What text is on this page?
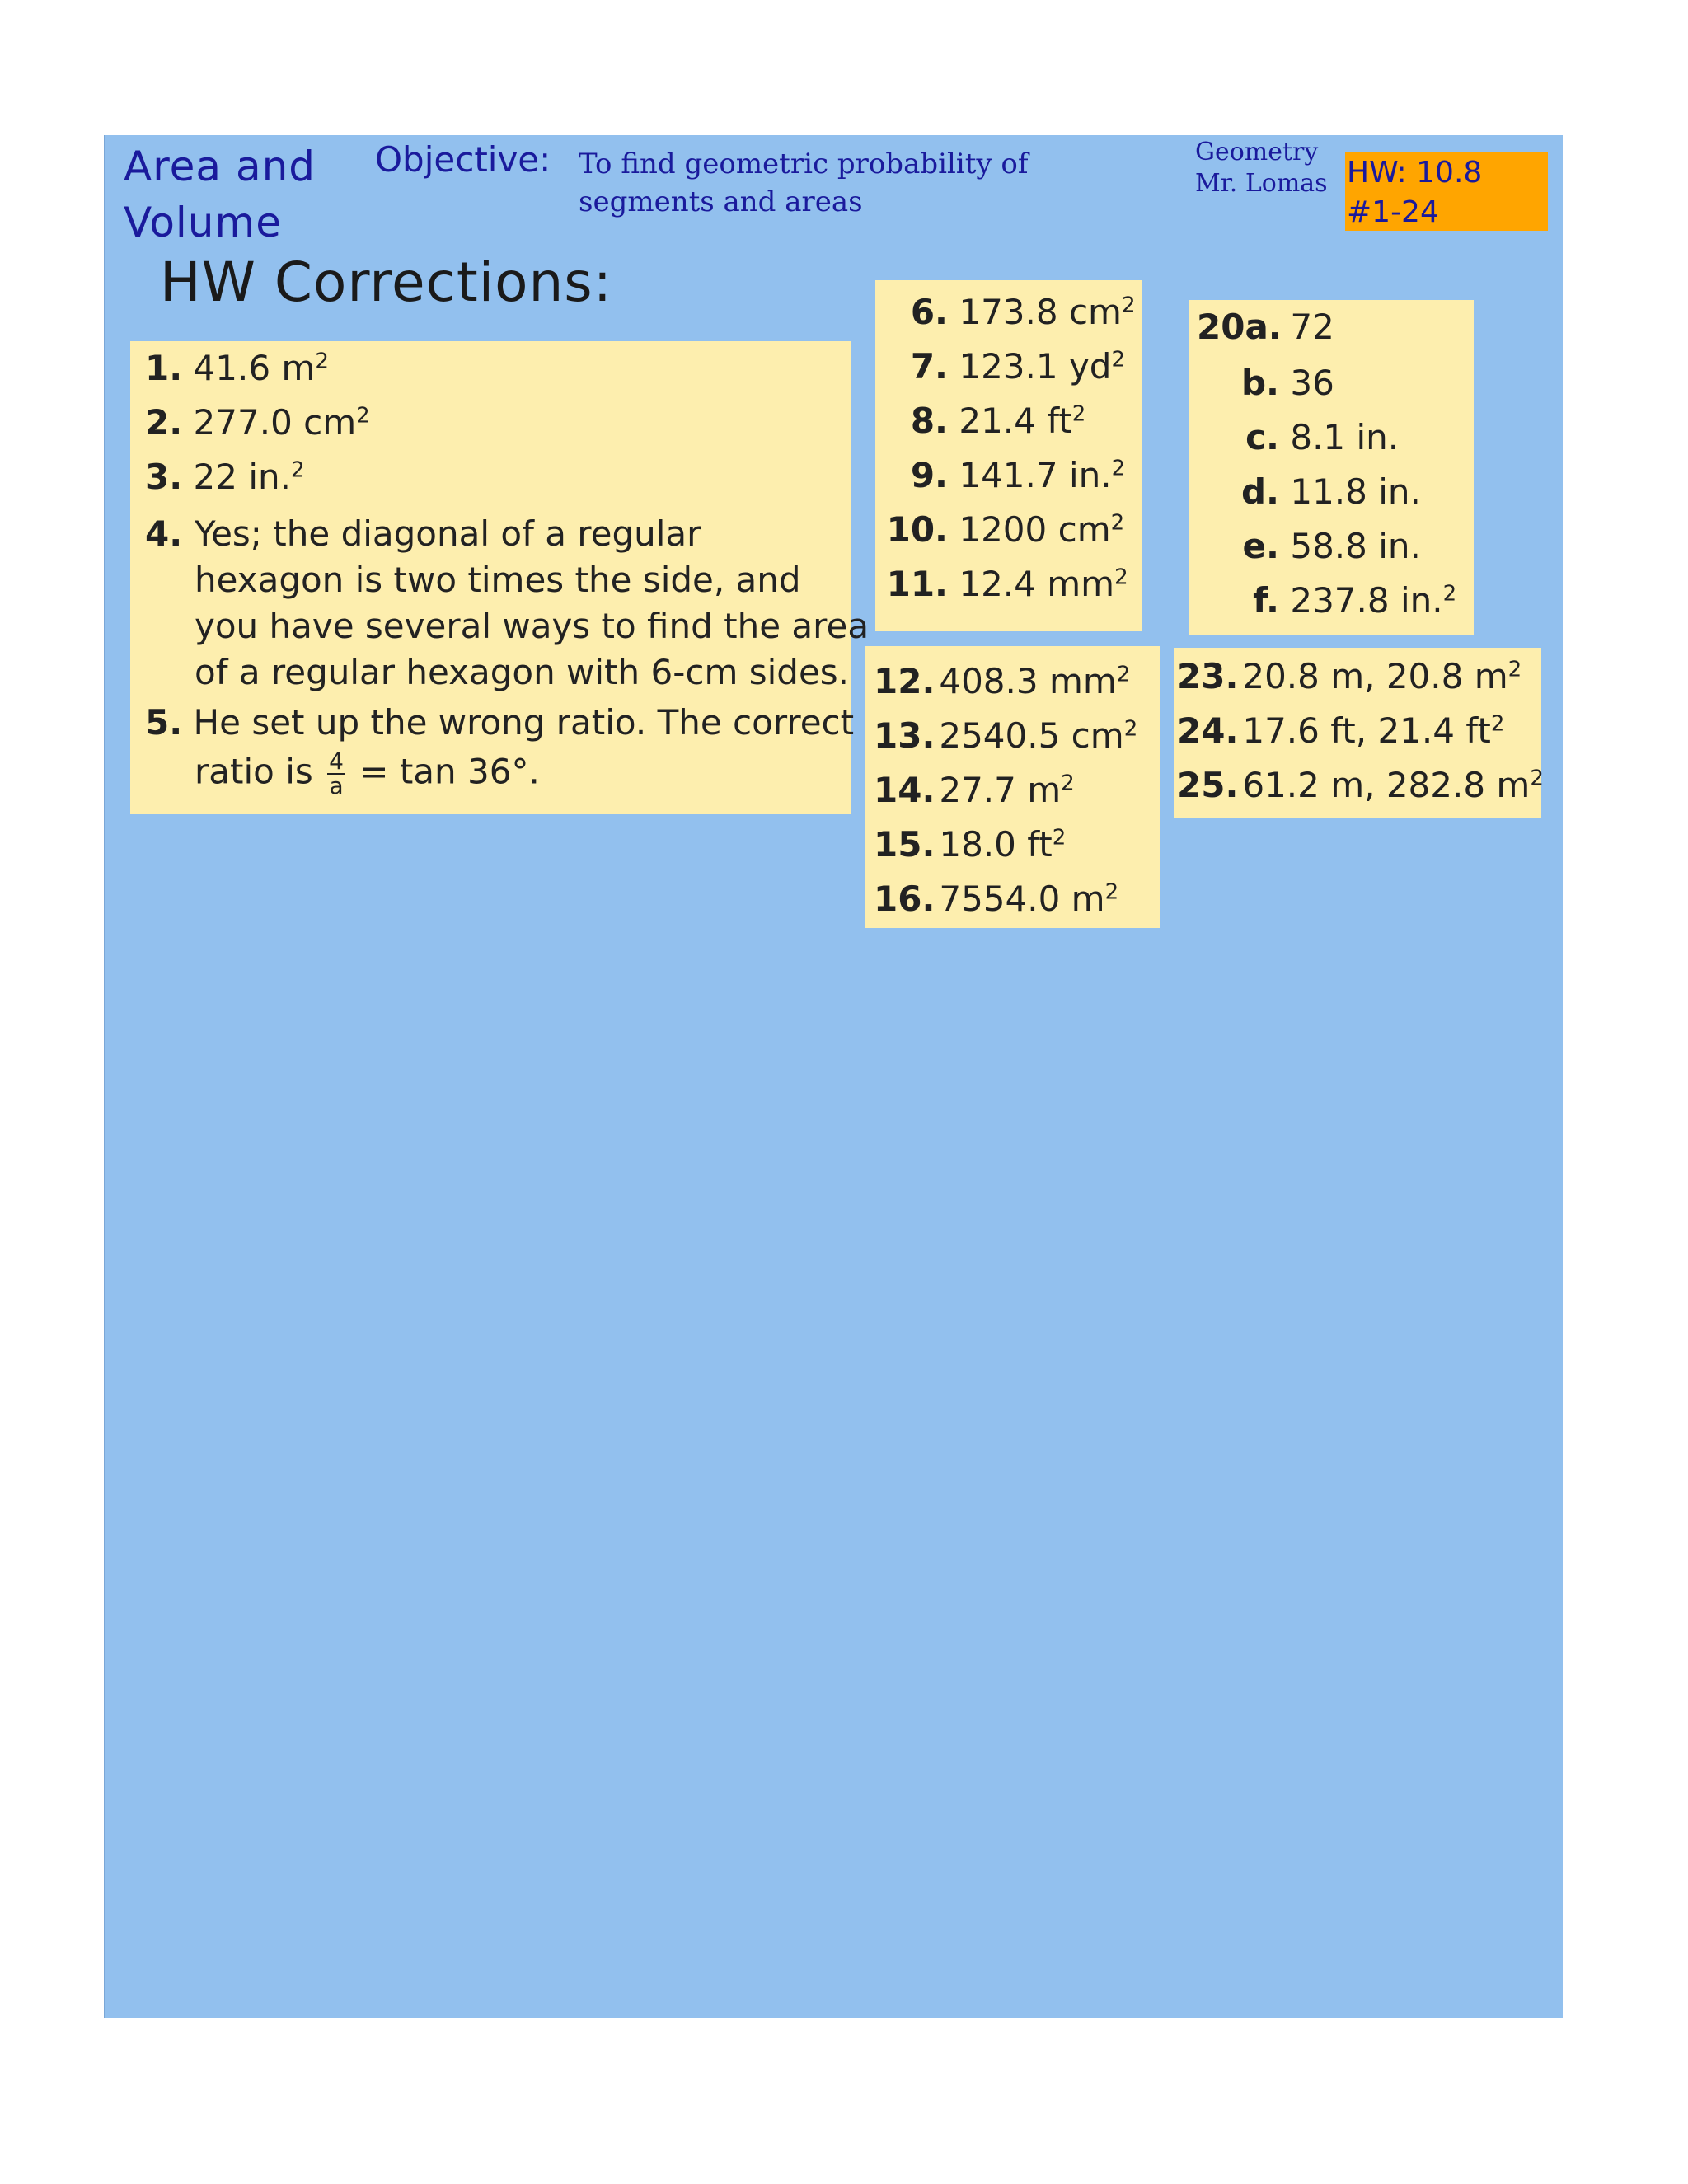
Area and
Volume
Objective: To find geometric probability of segments and areas
Geometry
Mr. Lomas HW: 10.8
#1-24
HW Corrections:
1. 41.6 $m^2$
2. 277.0 $cm^2$
3. 22 in.$^2$
4. Yes; the diagonal of a regular
hexagon is two times the side, and
you have several ways to find the area
of a regular hexagon with 6-cm sides.
5. He set up the wrong ratio. The correct
ratio is $\frac{4}{a} = \tan 36^\circ$.
6. 173.8 $cm^2$
7. 123.1 $yd^2$
8. 21.4 $ft^2$
9. 141.7 in.$^2$
10. 1200 $cm^2$
11. 12.4 $mm^2$
20a. 72
b. 36
c. 8.1 in.
d. 11.8 in.
e. 58.8 in.
f. 237.8 in.$^2$
12. 408.3 $mm^2$
13. 2540.5 $cm^2$
14. 27.7 $m^2$
15. 18.0 $ft^2$
16. 7554.0 $m^2$
23. 20.8 m, 20.8 $m^2$
24. 17.6 ft, 21.4 $ft^2$
25. 61.2 m, 282.8 $m^2$
